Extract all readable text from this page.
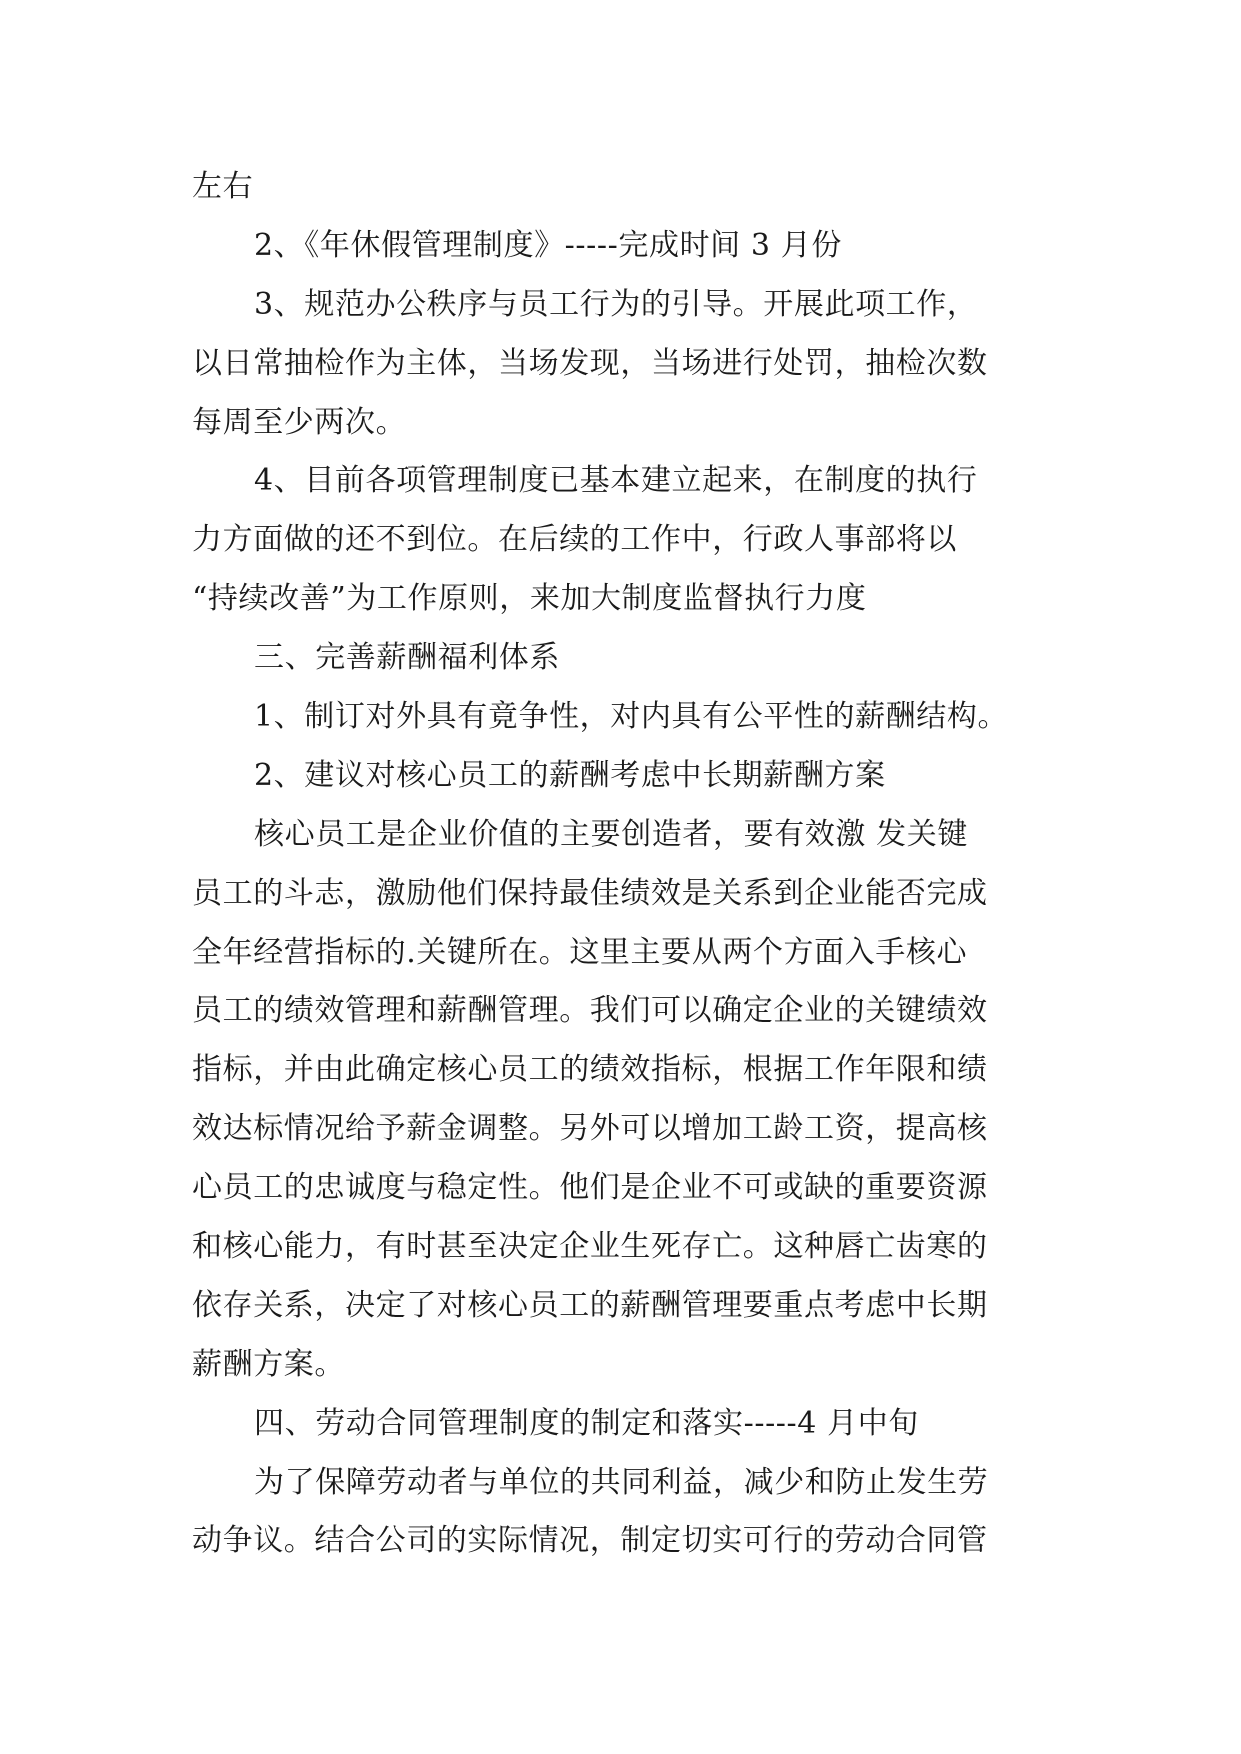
左右
2、《年休假管理制度》-----完成时间 3 月份
3、规范办公秩序与员工行为的引导。开展此项工作，
以日常抽检作为主体，当场发现，当场进行处罚，抽检次数
每周至少两次。
4、目前各项管理制度已基本建立起来，在制度的执行
力方面做的还不到位。在后续的工作中，行政人事部将以
“持续改善”为工作原则，来加大制度监督执行力度
三、完善薪酬福利体系
1、制订对外具有竟争性，对内具有公平性的薪酬结构。
2、建议对核心员工的薪酬考虑中长期薪酬方案
核心员工是企业价值的主要创造者，要有效激 发关键
员工的斗志，激励他们保持最佳绩效是关系到企业能否完成
全年经营指标的.关键所在。这里主要从两个方面入手核心
员工的绩效管理和薪酬管理。我们可以确定企业的关键绩效
指标，并由此确定核心员工的绩效指标，根据工作年限和绩
效达标情况给予薪金调整。另外可以增加工龄工资，提高核
心员工的忠诚度与稳定性。他们是企业不可或缺的重要资源
和核心能力，有时甚至决定企业生死存亡。这种唇亡齿寒的
依存关系，决定了对核心员工的薪酬管理要重点考虑中长期
薪酬方案。
四、劳动合同管理制度的制定和落实-----4 月中旬
为了保障劳动者与单位的共同利益，减少和防止发生劳
动争议。结合公司的实际情况，制定切实可行的劳动合同管
